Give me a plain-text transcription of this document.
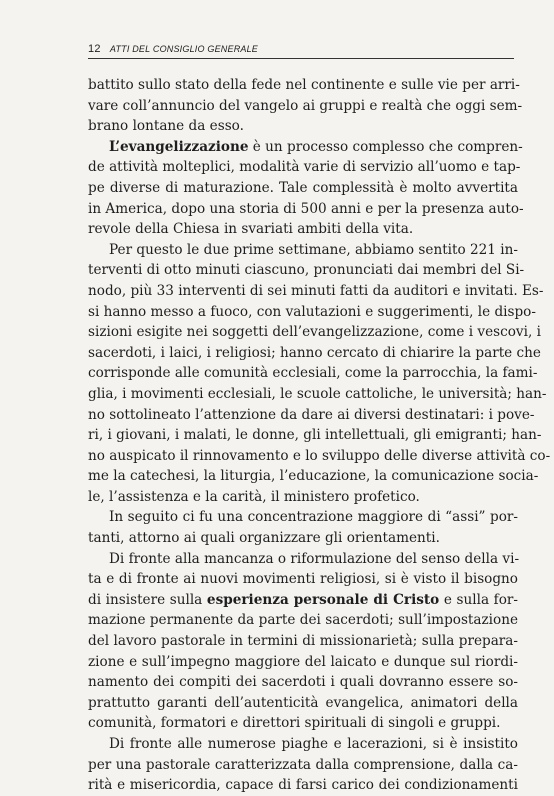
12 ATTI DEL CONSIGLIO GENERALE
battito sullo stato della fede nel continente e sulle vie per arri-
vare coll’annuncio del vangelo ai gruppi e realtà che oggi sem-
brano lontane da esso.
L’evangelizzazione è un processo complesso che compren-
de attività molteplici, modalità varie di servizio all’uomo e tap-
pe diverse di maturazione. Tale complessità è molto avvertita
in America, dopo una storia di 500 anni e per la presenza auto-
revole della Chiesa in svariati ambiti della vita.
Per questo le due prime settimane, abbiamo sentito 221 in-
terventi di otto minuti ciascuno, pronunciati dai membri del Si-
nodo, più 33 interventi di sei minuti fatti da auditori e invitati. Es-
si hanno messo a fuoco, con valutazioni e suggerimenti, le dispo-
sizioni esigite nei soggetti dell’evangelizzazione, come i vescovi, i
sacerdoti, i laici, i religiosi; hanno cercato di chiarire la parte che
corrisponde alle comunità ecclesiali, come la parrocchia, la fami-
glia, i movimenti ecclesiali, le scuole cattoliche, le università; han-
no sottolineato l’attenzione da dare ai diversi destinatari: i pove-
ri, i giovani, i malati, le donne, gli intellettuali, gli emigranti; han-
no auspicato il rinnovamento e lo sviluppo delle diverse attività co-
me la catechesi, la liturgia, l’educazione, la comunicazione socia-
le, l’assistenza e la carità, il ministero profetico.
In seguito ci fu una concentrazione maggiore di “assi” por-
tanti, attorno ai quali organizzare gli orientamenti.
Di fronte alla mancanza o riformulazione del senso della vi-
ta e di fronte ai nuovi movimenti religiosi, si è visto il bisogno
di insistere sulla esperienza personale di Cristo e sulla for-
mazione permanente da parte dei sacerdoti; sull’impostazione
del lavoro pastorale in termini di missionarietà; sulla prepara-
zione e sull’impegno maggiore del laicato e dunque sul riordi-
namento dei compiti dei sacerdoti i quali dovranno essere so-
prattutto garanti dell’autenticità evangelica, animatori della
comunità, formatori e direttori spirituali di singoli e gruppi.
Di fronte alle numerose piaghe e lacerazioni, si è insistito
per una pastorale caratterizzata dalla comprensione, dalla ca-
rità e misericordia, capace di farsi carico dei condizionamenti
